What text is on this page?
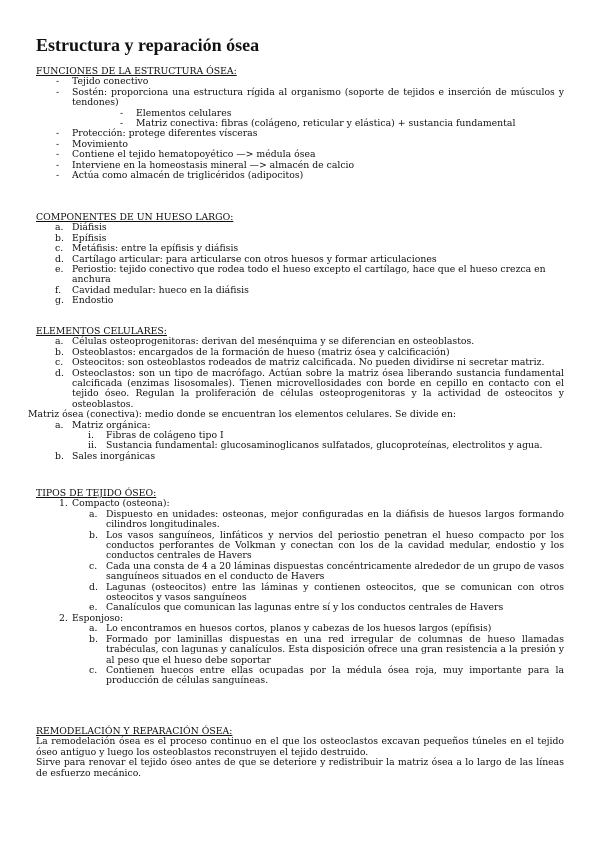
Estructura y reparación ósea

FUNCIONES DE LA ESTRUCTURA ÓSEA:

- Tejido conectivo
- Sostén: proporciona una estructura rígida al organismo (soporte de tejidos e inserción de músculos y tendones)
- Elementos celulares
- Matriz conectiva: fibras (colágeno, reticular y elástica) + sustancia fundamental
- Protección: protege diferentes vísceras
- Movimiento
- Contiene el tejido hematopoyético —> médula ósea
- Interviene en la homeostasis mineral —> almacén de calcio
- Actúa como almacén de triglicéridos (adipocitos)

COMPONENTES DE UN HUESO LARGO:

a. Diáfisis
b. Epífisis
c. Metáfisis: entre la epífisis y diáfisis
d. Cartílago articular: para articularse con otros huesos y formar articulaciones
e. Periostio: tejido conectivo que rodea todo el hueso excepto el cartílago, hace que el hueso crezca en anchura
f. Cavidad medular: hueco en la diáfisis
g. Endostio

ELEMENTOS CELULARES:

a. Células osteoprogenitoras: derivan del mesénquima y se diferencian en osteoblastos.
b. Osteoblastos: encargados de la formación de hueso (matriz ósea y calcificación)
c. Osteocitos: son osteoblastos rodeados de matriz calcificada. No pueden dividirse ni secretar matriz.
d. Osteoclastos: son un tipo de macrófago. Actúan sobre la matriz ósea liberando sustancia fundamental calcificada (enzimas lisosomales). Tienen microvellosidades con borde en cepillo en contacto con el tejido óseo. Regulan la proliferación de células osteoprogenitoras y la actividad de osteocitos y osteoblastos.

Matriz ósea (conectiva): medio donde se encuentran los elementos celulares. Se divide en:

a. Matriz orgánica:
i. Fibras de colágeno tipo I
ii. Sustancia fundamental: glucosaminoglicanos sulfatados, glucoproteínas, electrolitos y agua.
b. Sales inorgánicas

TIPOS DE TEJIDO ÓSEO:

1. Compacto (osteona):
a. Dispuesto en unidades: osteonas, mejor configuradas en la diáfisis de huesos largos formando cilindros longitudinales.
b. Los vasos sanguíneos, linfáticos y nervios del periostio penetran el hueso compacto por los conductos perforantes de Volkman y conectan con los de la cavidad medular, endostio y los conductos centrales de Havers
c. Cada una consta de 4 a 20 láminas dispuestas concéntricamente alrededor de un grupo de vasos sanguíneos situados en el conducto de Havers
d. Lagunas (osteocitos) entre las láminas y contienen osteocitos, que se comunican con otros osteocitos y vasos sanguíneos
e. Canalículos que comunican las lagunas entre sí y los conductos centrales de Havers
2. Esponjoso:
a. Lo encontramos en huesos cortos, planos y cabezas de los huesos largos (epífisis)
b. Formado por laminillas dispuestas en una red irregular de columnas de hueso llamadas trabéculas, con lagunas y canalículos. Esta disposición ofrece una gran resistencia a la presión y al peso que el hueso debe soportar
c. Contienen huecos entre ellas ocupadas por la médula ósea roja, muy importante para la producción de células sanguíneas.

REMODELACIÓN Y REPARACIÓN ÓSEA:

La remodelación ósea es el proceso continuo en el que los osteoclastos excavan pequeños túneles en el tejido óseo antiguo y luego los osteoblastos reconstruyen el tejido destruido.

Sirve para renovar el tejido óseo antes de que se deteriore y redistribuir la matriz ósea a lo largo de las líneas de esfuerzo mecánico.
